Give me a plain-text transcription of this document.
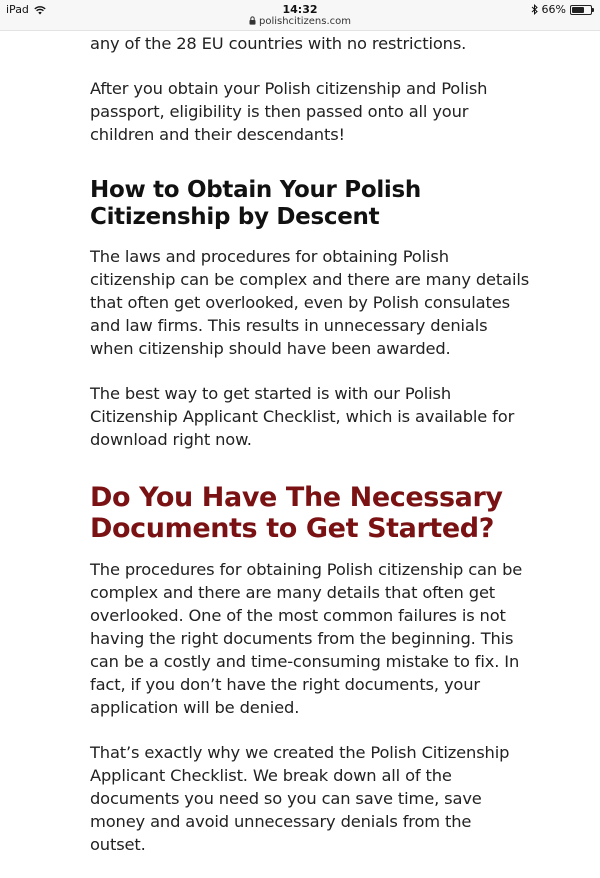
iPad	14:32
polishcitizens.com
66%

any of the 28 EU countries with no restrictions.

After you obtain your Polish citizenship and Polish passport, eligibility is then passed onto all your children and their descendants!

How to Obtain Your Polish Citizenship by Descent

The laws and procedures for obtaining Polish citizenship can be complex and there are many details that often get overlooked, even by Polish consulates and law firms. This results in unnecessary denials when citizenship should have been awarded.

The best way to get started is with our Polish Citizenship Applicant Checklist, which is available for download right now.

Do You Have The Necessary Documents to Get Started?

The procedures for obtaining Polish citizenship can be complex and there are many details that often get overlooked. One of the most common failures is not having the right documents from the beginning. This can be a costly and time-consuming mistake to fix. In fact, if you don’t have the right documents, your application will be denied.

That’s exactly why we created the Polish Citizenship Applicant Checklist. We break down all of the documents you need so you can save time, save money and avoid unnecessary denials from the outset.
